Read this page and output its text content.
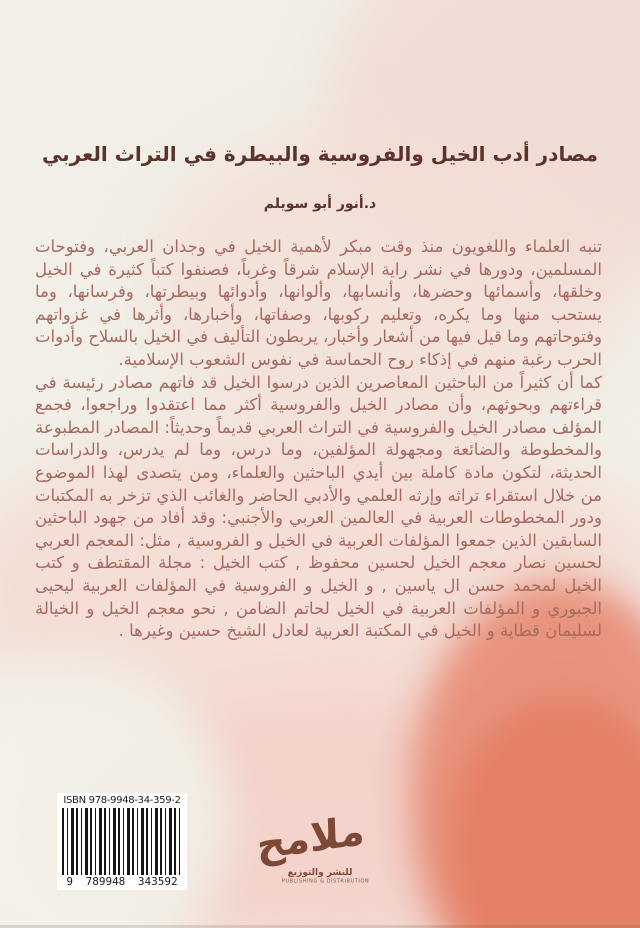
مصادر أدب الخيل والفروسية والبيطرة في التراث العربي
د.أنور أبو سويلم

تنبه العلماء واللغويون منذ وقت مبكر لأهمية الخيل في وجدان العربي، وفتوحات المسلمين، ودورها في نشر راية الإسلام شرقاً وغرباً، فصنفوا كتباً كثيرة في الخيل وخلقها، وأسمائها وحضرها، وأنسابها، وألوانها، وأدوائها وبيطرتها، وفرسانها، وما يستحب منها وما يكره، وتعليم ركوبها، وصفاتها، وأخبارها، وأثرها في غزواتهم وفتوحاتهم وما قيل فيها من أشعار وأخبار، يربطون التأليف في الخيل بالسلاح وأدوات الحرب رغبة منهم في إذكاء روح الحماسة في نفوس الشعوب الإسلامية.

كما أن كثيراً من الباحثين المعاصرين الذين درسوا الخيل قد فاتهم مصادر رئيسة في قراءتهم وبحوثهم، وأن مصادر الخيل والفروسية أكثر مما اعتقدوا وراجعوا، فجمع المؤلف مصادر الخيل والفروسية في التراث العربي قديماً وحديثاً: المصادر المطبوعة والمخطوطة والضائعة ومجهولة المؤلفين، وما درس، وما لم يدرس، والدراسات الحديثة، لتكون مادة كاملة بين أيدي الباحثين والعلماء، ومن يتصدى لهذا الموضوع من خلال استقراء تراثه وإرثه العلمي والأدبي الحاضر والغائب الذي تزخر به المكتبات ودور المخطوطات العربية في العالمين العربي والأجنبي: وقد أفاد من جهود الباحثين السابقين الذين جمعوا المؤلفات العربية في الخيل و الفروسية , مثل: المعجم العربي لحسين نصار معجم الخيل لحسين محفوظ , كتب الخيل : مجلة المقتطف و كتب الخيل لمحمد حسن ال ياسين , و الخيل و الفروسية في المؤلفات العربية ليحيى الجبوري و المؤلفات العربية في الخيل لحاتم الضامن , نحو معجم الخيل و الخيالة لسليمان قطاية و الخيل في المكتبة العربية لعادل الشيخ حسين وغيرها .

ISBN 978-9948-34-359-2
9 789948 343592
ملامح
للنشر والتوزيع
PUBLISHING & DISTRIBUTION
